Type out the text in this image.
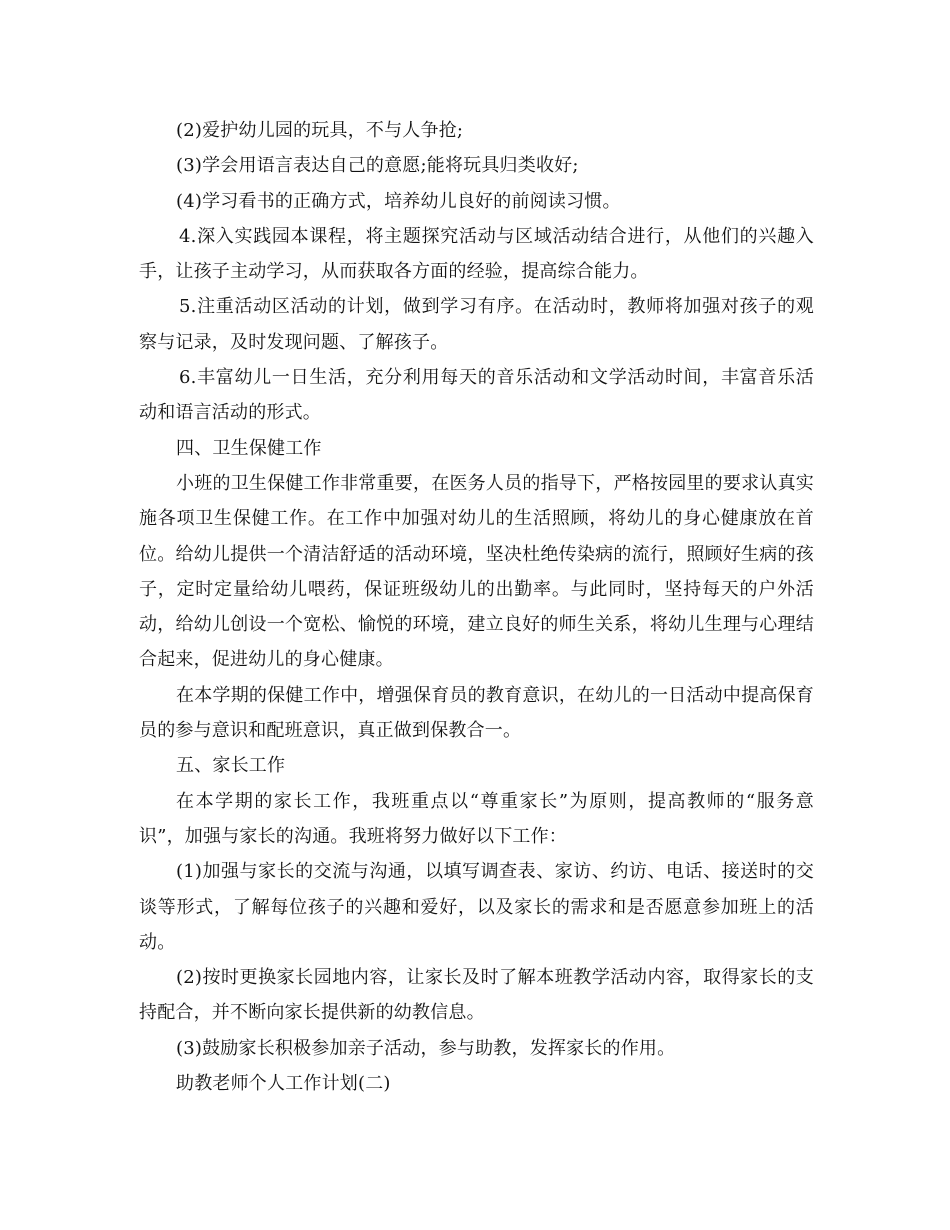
(2)爱护幼儿园的玩具，不与人争抢;

(3)学会用语言表达自己的意愿;能将玩具归类收好;

(4)学习看书的正确方式，培养幼儿良好的前阅读习惯。

4.深入实践园本课程，将主题探究活动与区域活动结合进行，从他们的兴趣入手，让孩子主动学习，从而获取各方面的经验，提高综合能力。

5.注重活动区活动的计划，做到学习有序。在活动时，教师将加强对孩子的观察与记录，及时发现问题、了解孩子。

6.丰富幼儿一日生活，充分利用每天的音乐活动和文学活动时间，丰富音乐活动和语言活动的形式。

四、卫生保健工作

小班的卫生保健工作非常重要，在医务人员的指导下，严格按园里的要求认真实施各项卫生保健工作。在工作中加强对幼儿的生活照顾，将幼儿的身心健康放在首位。给幼儿提供一个清洁舒适的活动环境，坚决杜绝传染病的流行，照顾好生病的孩子，定时定量给幼儿喂药，保证班级幼儿的出勤率。与此同时，坚持每天的户外活动，给幼儿创设一个宽松、愉悦的环境，建立良好的师生关系，将幼儿生理与心理结合起来，促进幼儿的身心健康。

在本学期的保健工作中，增强保育员的教育意识，在幼儿的一日活动中提高保育员的参与意识和配班意识，真正做到保教合一。

五、家长工作

在本学期的家长工作，我班重点以“尊重家长”为原则，提高教师的“服务意识”，加强与家长的沟通。我班将努力做好以下工作：

(1)加强与家长的交流与沟通，以填写调查表、家访、约访、电话、接送时的交谈等形式，了解每位孩子的兴趣和爱好，以及家长的需求和是否愿意参加班上的活动。

(2)按时更换家长园地内容，让家长及时了解本班教学活动内容，取得家长的支持配合，并不断向家长提供新的幼教信息。

(3)鼓励家长积极参加亲子活动，参与助教，发挥家长的作用。

助教老师个人工作计划(二)
